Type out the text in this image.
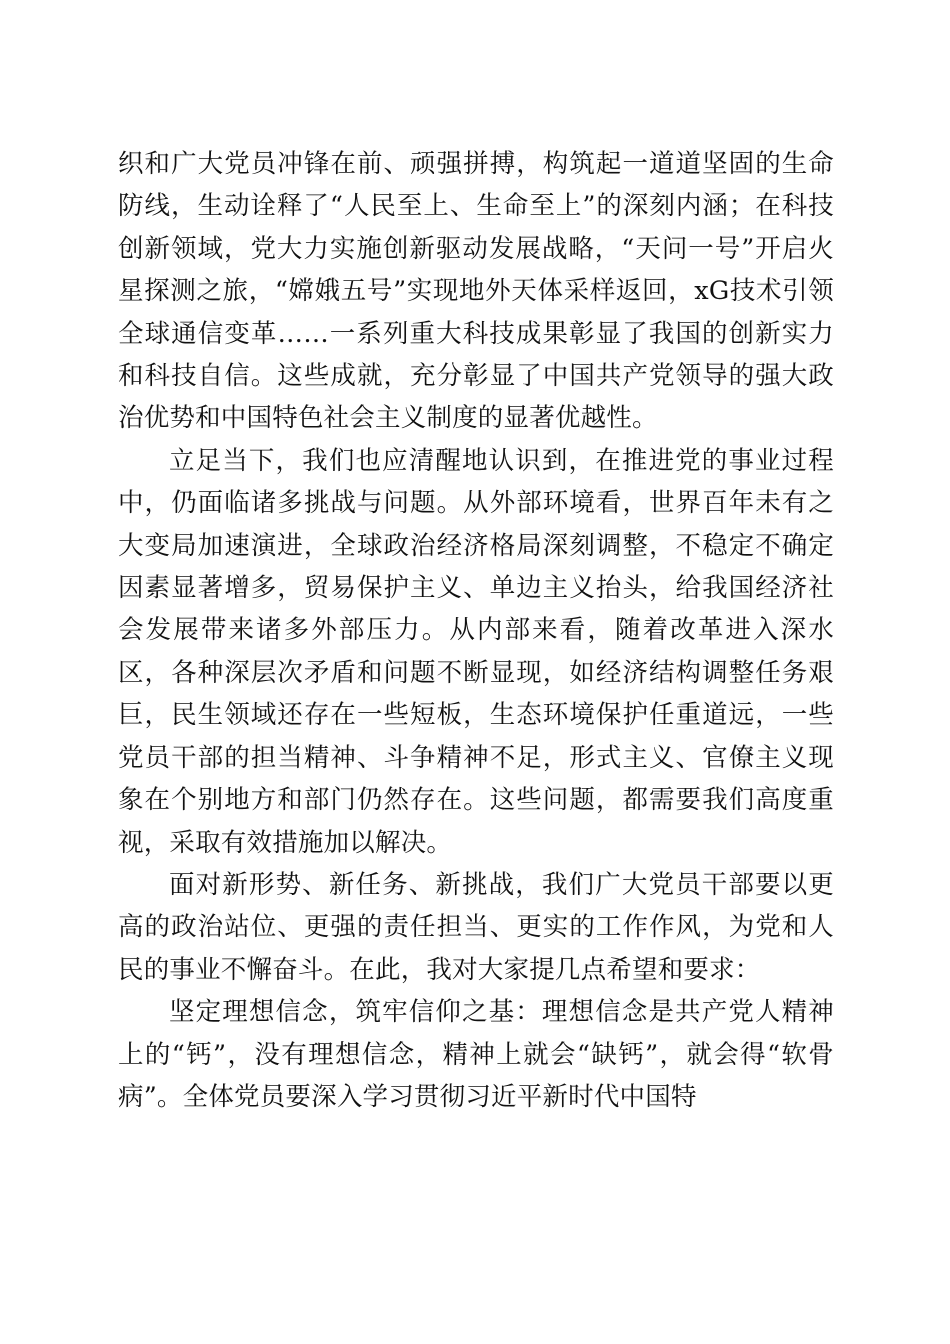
织和广大党员冲锋在前、顽强拼搏，构筑起一道道坚固的生命防线，生动诠释了“人民至上、生命至上”的深刻内涵；在科技创新领域，党大力实施创新驱动发展战略，“天问一号”开启火星探测之旅，“嫦娥五号”实现地外天体采样返回，xG技术引领全球通信变革……一系列重大科技成果彰显了我国的创新实力和科技自信。这些成就，充分彰显了中国共产党领导的强大政治优势和中国特色社会主义制度的显著优越性。

立足当下，我们也应清醒地认识到，在推进党的事业过程中，仍面临诸多挑战与问题。从外部环境看，世界百年未有之大变局加速演进，全球政治经济格局深刻调整，不稳定不确定因素显著增多，贸易保护主义、单边主义抬头，给我国经济社会发展带来诸多外部压力。从内部来看，随着改革进入深水区，各种深层次矛盾和问题不断显现，如经济结构调整任务艰巨，民生领域还存在一些短板，生态环境保护任重道远，一些党员干部的担当精神、斗争精神不足，形式主义、官僚主义现象在个别地方和部门仍然存在。这些问题，都需要我们高度重视，采取有效措施加以解决。

面对新形势、新任务、新挑战，我们广大党员干部要以更高的政治站位、更强的责任担当、更实的工作作风，为党和人民的事业不懈奋斗。在此，我对大家提几点希望和要求：

坚定理想信念，筑牢信仰之基：理想信念是共产党人精神上的“钙”，没有理想信念，精神上就会“缺钙”，就会得“软骨病”。全体党员要深入学习贯彻习近平新时代中国特
